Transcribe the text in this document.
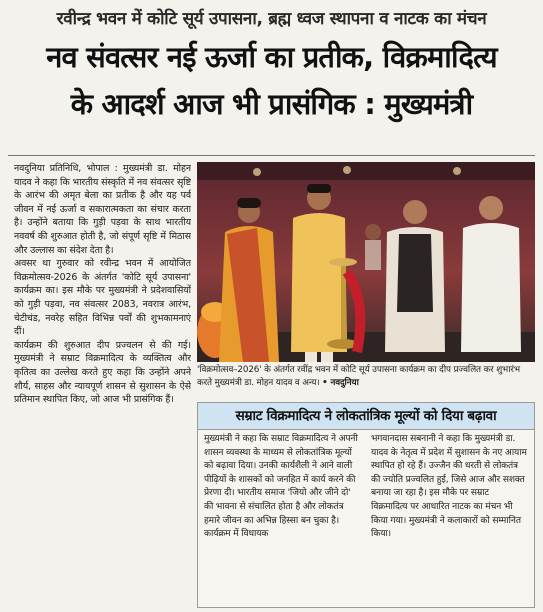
रवीन्द्र भवन में कोटि सूर्य उपासना, ब्रह्म ध्वज स्थापना व नाटक का मंचन
नव संवत्सर नई ऊर्जा का प्रतीक, विक्रमादित्य
के आदर्श आज भी प्रासंगिक : मुख्यमंत्री

नवदुनिया प्रतिनिधि, भोपाल : मुख्यमंत्री डा. मोहन यादव ने कहा कि भारतीय संस्कृति में नव संवत्सर सृष्टि के आरंभ की अमृत बेला का प्रतीक है और यह पर्व जीवन में नई ऊर्जा व सकारात्मकता का संचार करता है। उन्होंने बताया कि गुड़ी पड़वा के साथ भारतीय नववर्ष की शुरुआत होती है, जो संपूर्ण सृष्टि में मिठास और उल्लास का संदेश देता है।

अवसर था गुरुवार को रवीन्द्र भवन में आयोजित विक्रमोत्सव-2026 के अंतर्गत 'कोटि सूर्य उपासना' कार्यक्रम का। इस मौके पर मुख्यमंत्री ने प्रदेशवासियों को गुड़ी पड़वा, नव संवत्सर 2083, नवरात्र आरंभ, चेटीचंड, नवरेह सहित विभिन्न पर्वों की शुभकामनाएं दीं।

कार्यक्रम की शुरुआत दीप प्रज्वलन से की गई। मुख्यमंत्री ने सम्राट विक्रमादित्य के व्यक्तित्व और कृतित्व का उल्लेख करते हुए कहा कि उन्होंने अपने शौर्य, साहस और न्यायपूर्ण शासन से सुशासन के ऐसे प्रतिमान स्थापित किए, जो आज भी प्रासंगिक हैं।

'विक्रमोत्सव–2026' के अंतर्गत रवींद्र भवन में कोटि सूर्य उपासना कार्यक्रम का दीप प्रज्वलित कर शुभारंभ करते मुख्यमंत्री डा. मोहन यादव व अन्य। • नवदुनिया
सम्राट विक्रमादित्य ने लोकतांत्रिक मूल्यों को दिया बढ़ावा

मुख्यमंत्री ने कहा कि सम्राट विक्रमादित्य ने अपनी शासन व्यवस्था के माध्यम से लोकतांत्रिक मूल्यों को बढ़ावा दिया। उनकी कार्यशैली ने आने वाली पीढ़ियों के शासकों को जनहित में कार्य करने की प्रेरणा दी। भारतीय समाज 'जियो और जीने दो' की भावना से संचालित होता है और लोकतंत्र हमारे जीवन का अभिन्न हिस्सा बन चुका है। कार्यक्रम में विधायक

भगवानदास सबनानी ने कहा कि मुख्यमंत्री डा. यादव के नेतृत्व में प्रदेश में सुशासन के नए आयाम स्थापित हो रहे हैं। उज्जैन की धरती से लोकतंत्र की ज्योति प्रज्वलित हुई, जिसे आज और सशक्त बनाया जा रहा है। इस मौके पर सम्राट विक्रमादित्य पर आधारित नाटक का मंचन भी किया गया। मुख्यमंत्री ने कलाकारों को सम्मानित किया।
